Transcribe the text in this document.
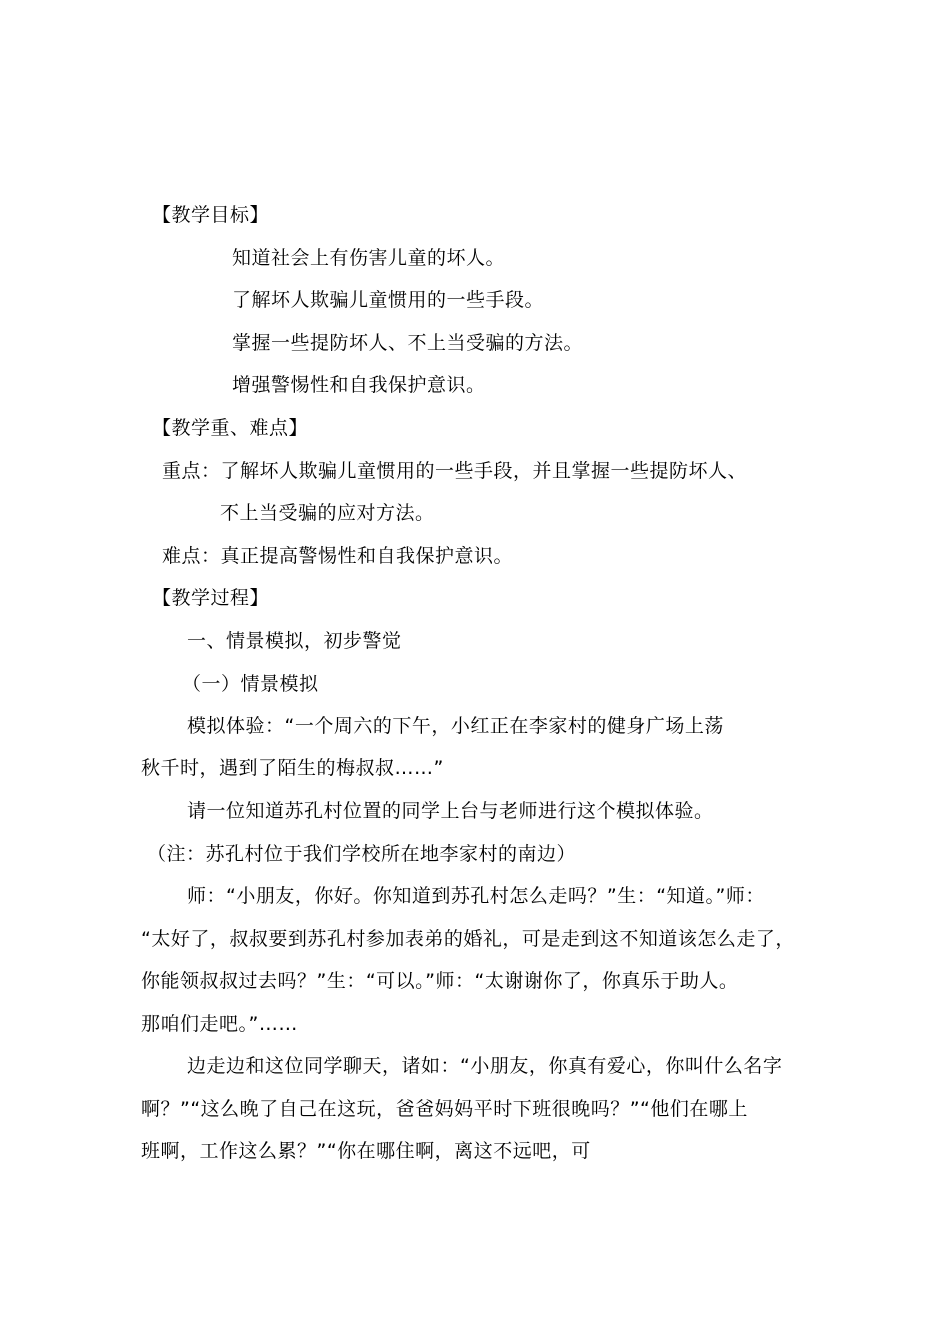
【教学目标】
知道社会上有伤害儿童的坏人。
了解坏人欺骗儿童惯用的一些手段。
掌握一些提防坏人、不上当受骗的方法。
增强警惕性和自我保护意识。
【教学重、难点】
重点：了解坏人欺骗儿童惯用的一些手段，并且掌握一些提防坏人、
不上当受骗的应对方法。
难点：真正提高警惕性和自我保护意识。
【教学过程】
一、情景模拟，初步警觉
（一）情景模拟
模拟体验：“一个周六的下午，小红正在李家村的健身广场上荡
秋千时，遇到了陌生的梅叔叔……”
请一位知道苏孔村位置的同学上台与老师进行这个模拟体验。
（注：苏孔村位于我们学校所在地李家村的南边）
师：“小朋友，你好。你知道到苏孔村怎么走吗？”生：“知道。”师：
“太好了，叔叔要到苏孔村参加表弟的婚礼，可是走到这不知道该怎么走了，
你能领叔叔过去吗？”生：“可以。”师：“太谢谢你了，你真乐于助人。
那咱们走吧。”……
边走边和这位同学聊天，诸如：“小朋友，你真有爱心，你叫什么名字
啊？”“这么晚了自己在这玩，爸爸妈妈平时下班很晚吗？”“他们在哪上
班啊，工作这么累？”“你在哪住啊，离这不远吧，可
